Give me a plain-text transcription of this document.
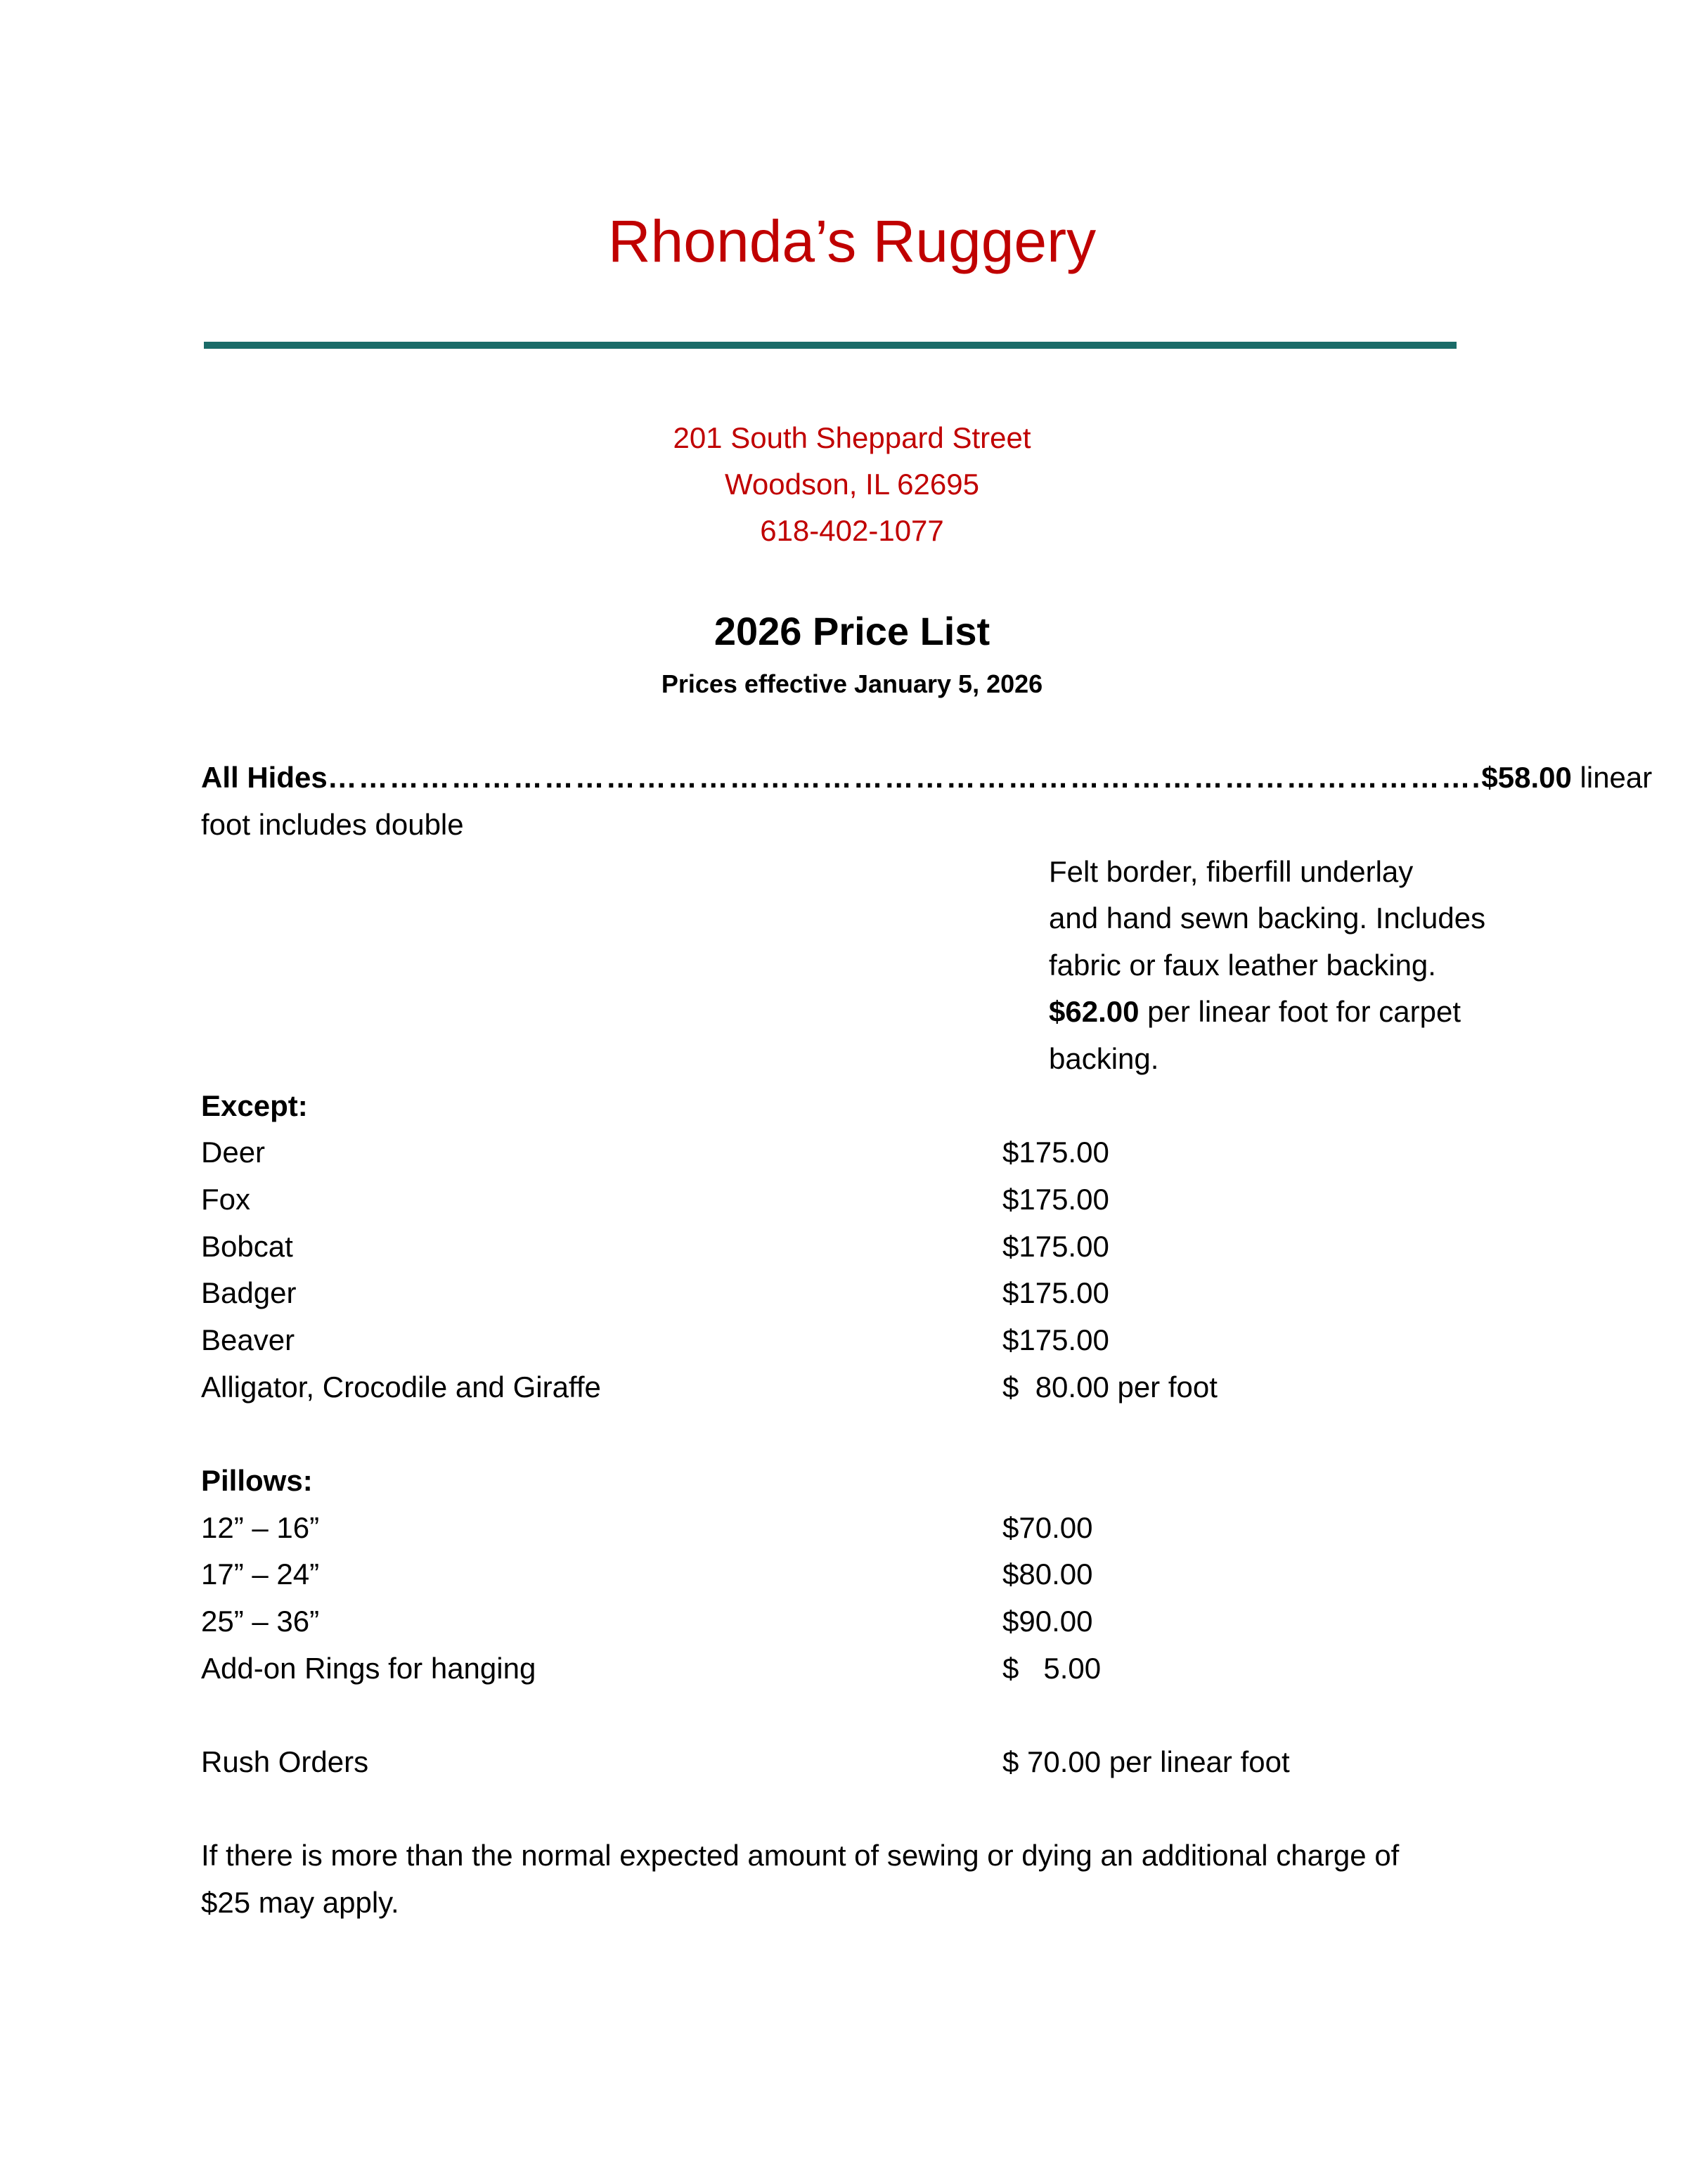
Rhonda’s Ruggery
201 South Sheppard Street
Woodson, IL 62695
618-402-1077
2026 Price List
Prices effective January 5, 2026
All Hides …………………………………………………………………………………………………. $58.00
linear
foot includes double
Felt border, fiberfill underlay
and hand sewn backing. Includes
fabric or faux leather backing.
$62.00 per linear foot for carpet
backing.
Except:
Deer	$175.00
Fox	$175.00
Bobcat	$175.00
Badger	$175.00
Beaver	$175.00
Alligator, Crocodile and Giraffe	$  80.00 per foot
Pillows:
12” – 16”	$70.00
17” – 24”	$80.00
25” – 36”	$90.00
Add-on Rings for hanging	$   5.00
Rush Orders	$ 70.00 per linear foot
If there is more than the normal expected amount of sewing or dying an additional charge of
$25 may apply.
